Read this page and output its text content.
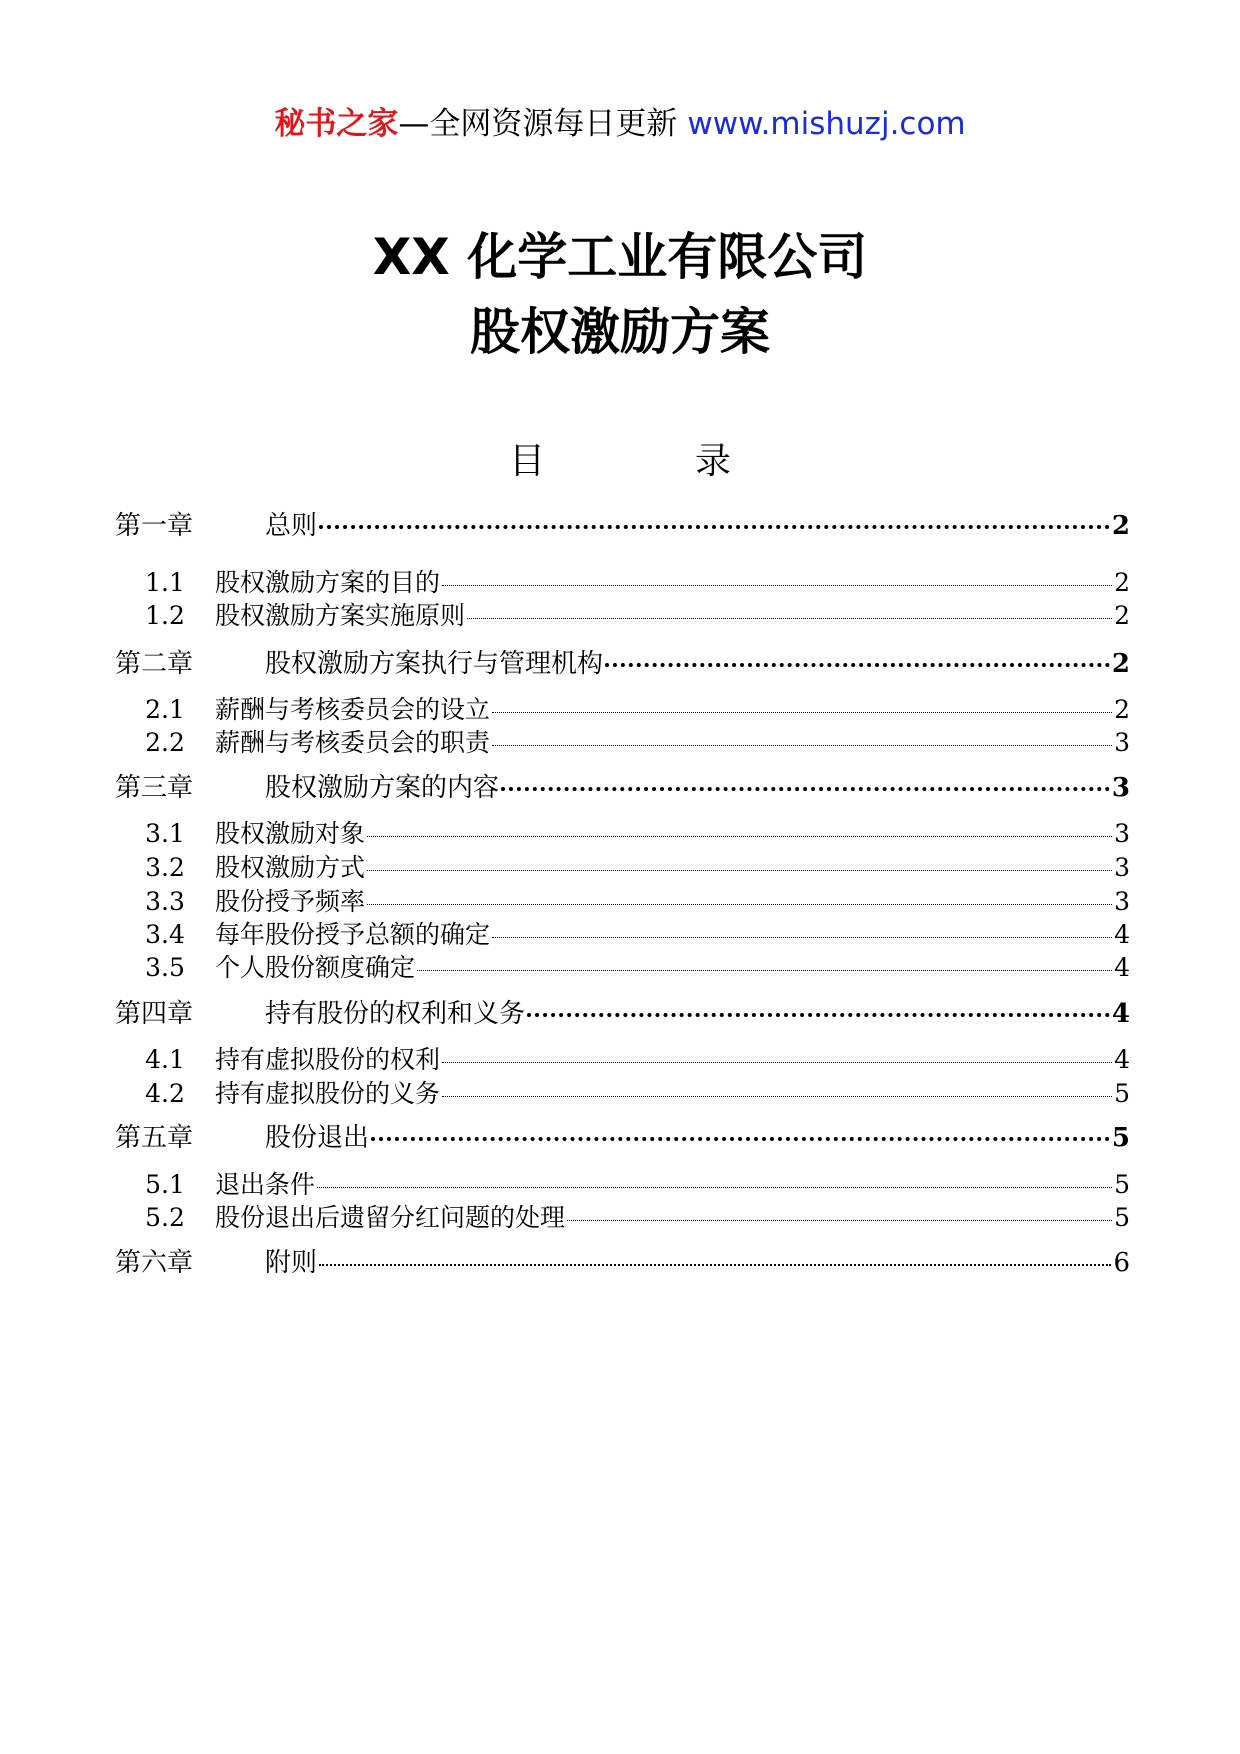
秘书之家—全网资源每日更新 www.mishuzj.com
XX 化学工业有限公司
股权激励方案
目	录
第一章	总则	2
1.1	股权激励方案的目的	2
1.2	股权激励方案实施原则	2
第二章	股权激励方案执行与管理机构	2
2.1	薪酬与考核委员会的设立	2
2.2	薪酬与考核委员会的职责	3
第三章	股权激励方案的内容	3
3.1	股权激励对象	3
3.2	股权激励方式	3
3.3	股份授予频率	3
3.4	每年股份授予总额的确定	4
3.5	个人股份额度确定	4
第四章	持有股份的权利和义务	4
4.1	持有虚拟股份的权利	4
4.2	持有虚拟股份的义务	5
第五章	股份退出	5
5.1	退出条件	5
5.2	股份退出后遗留分红问题的处理	5
第六章	附则	6
